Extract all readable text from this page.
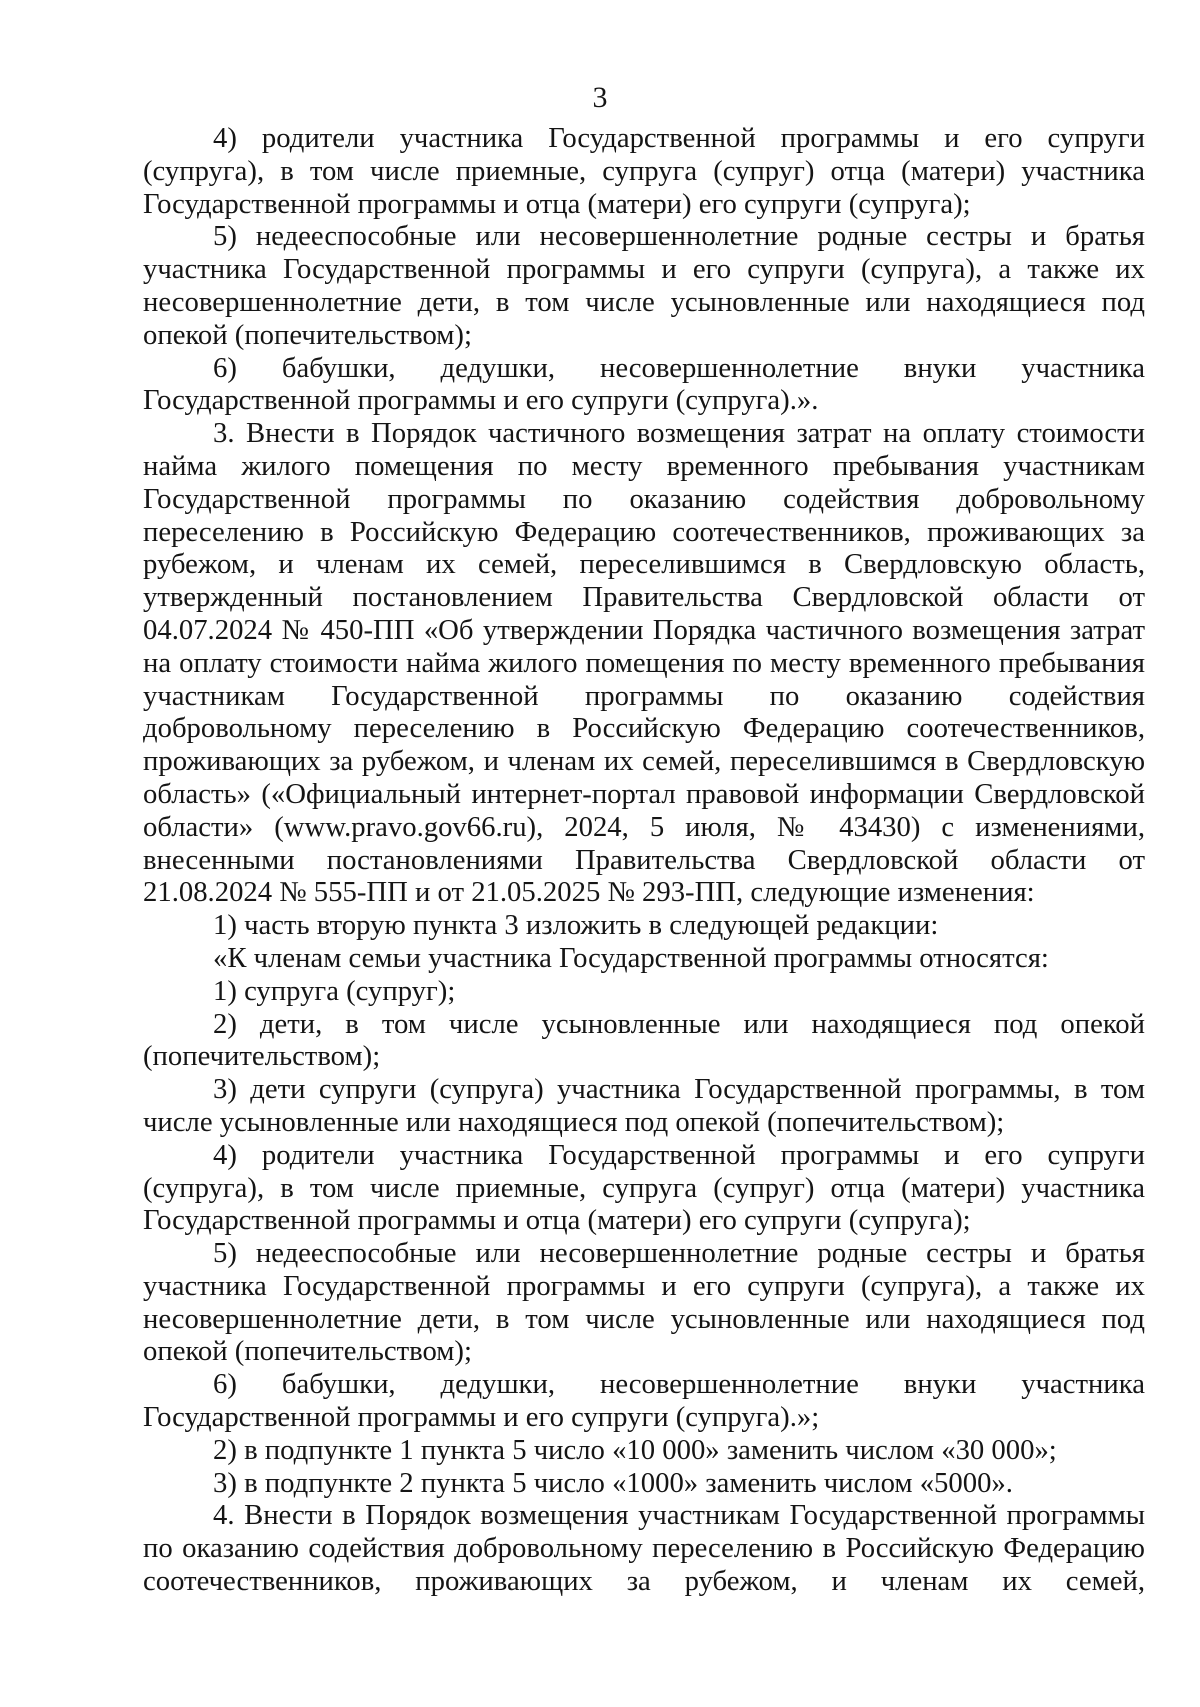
3

4) родители участника Государственной программы и его супруги (супруга), в том числе приемные, супруга (супруг) отца (матери) участника Государственной программы и отца (матери) его супруги (супруга);

5) недееспособные или несовершеннолетние родные сестры и братья участника Государственной программы и его супруги (супруга), а также их несовершеннолетние дети, в том числе усыновленные или находящиеся под опекой (попечительством);

6) бабушки, дедушки, несовершеннолетние внуки участника Государственной программы и его супруги (супруга).».

3. Внести в Порядок частичного возмещения затрат на оплату стоимости найма жилого помещения по месту временного пребывания участникам Государственной программы по оказанию содействия добровольному переселению в Российскую Федерацию соотечественников, проживающих за рубежом, и членам их семей, переселившимся в Свердловскую область, утвержденный постановлением Правительства Свердловской области от 04.07.2024 № 450-ПП «Об утверждении Порядка частичного возмещения затрат на оплату стоимости найма жилого помещения по месту временного пребывания участникам Государственной программы по оказанию содействия добровольному переселению в Российскую Федерацию соотечественников, проживающих за рубежом, и членам их семей, переселившимся в Свердловскую область» («Официальный интернет-портал правовой информации Свердловской области» (www.pravo.gov66.ru), 2024, 5 июля, № 43430) с изменениями, внесенными постановлениями Правительства Свердловской области от 21.08.2024 № 555-ПП и от 21.05.2025 № 293-ПП, следующие изменения:

1) часть вторую пункта 3 изложить в следующей редакции:

«К членам семьи участника Государственной программы относятся:

1) супруга (супруг);

2) дети, в том числе усыновленные или находящиеся под опекой (попечительством);

3) дети супруги (супруга) участника Государственной программы, в том числе усыновленные или находящиеся под опекой (попечительством);

4) родители участника Государственной программы и его супруги (супруга), в том числе приемные, супруга (супруг) отца (матери) участника Государственной программы и отца (матери) его супруги (супруга);

5) недееспособные или несовершеннолетние родные сестры и братья участника Государственной программы и его супруги (супруга), а также их несовершеннолетние дети, в том числе усыновленные или находящиеся под опекой (попечительством);

6) бабушки, дедушки, несовершеннолетние внуки участника Государственной программы и его супруги (супруга).»;

2) в подпункте 1 пункта 5 число «10 000» заменить числом «30 000»;

3) в подпункте 2 пункта 5 число «1000» заменить числом «5000».

4. Внести в Порядок возмещения участникам Государственной программы по оказанию содействия добровольному переселению в Российскую Федерацию соотечественников, проживающих за рубежом, и членам их семей,
